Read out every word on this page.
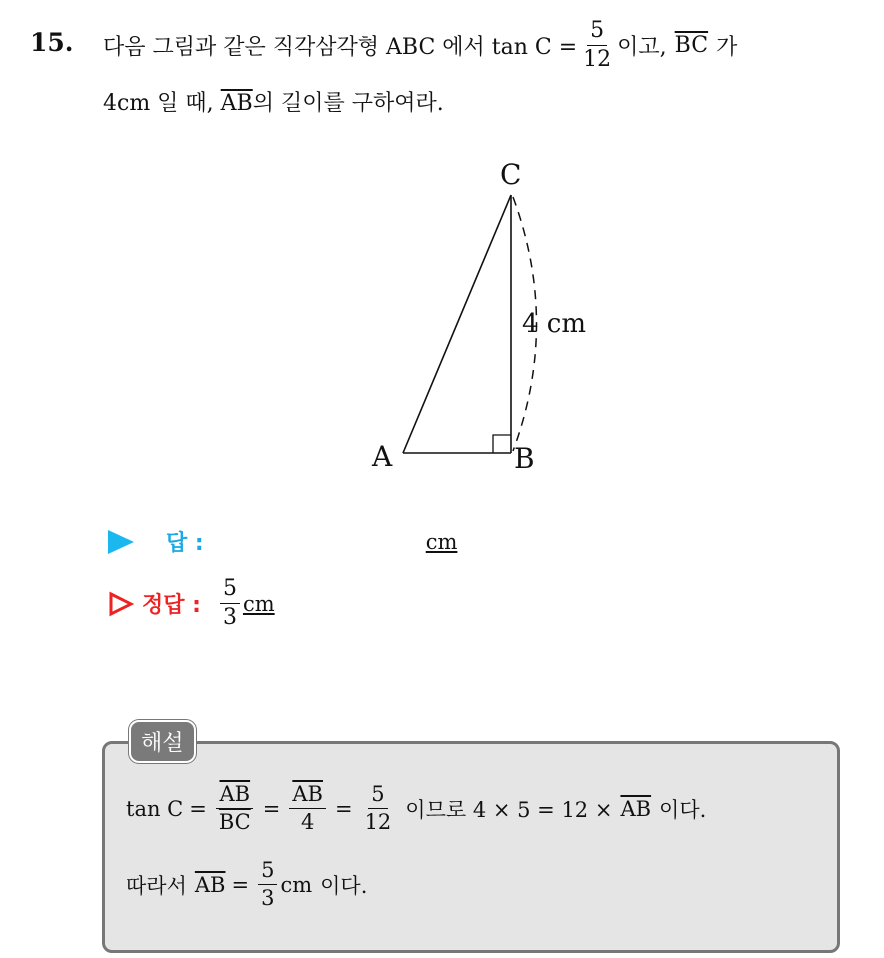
15. 다음 그림과 같은 직각삼각형 ABC 에서 $\tan C = \frac{5}{12}$ 이고, $\overline{BC}$ 가
4cm 일 때, $\overline{AB}$의 길이를 구하여라.
C
A	B
4 cm
답 :	cm
정답 : $\frac{5}{3}$ cm
해설
$\tan C = \frac{\overline{AB}}{BC} = \frac{\overline{AB}}{4} = \frac{5}{12}$ 이므로 $4 \times 5 = 12 \times \overline{AB}$ 이다.
따라서 $\overline{AB} = \frac{5}{3}$ cm 이다.
